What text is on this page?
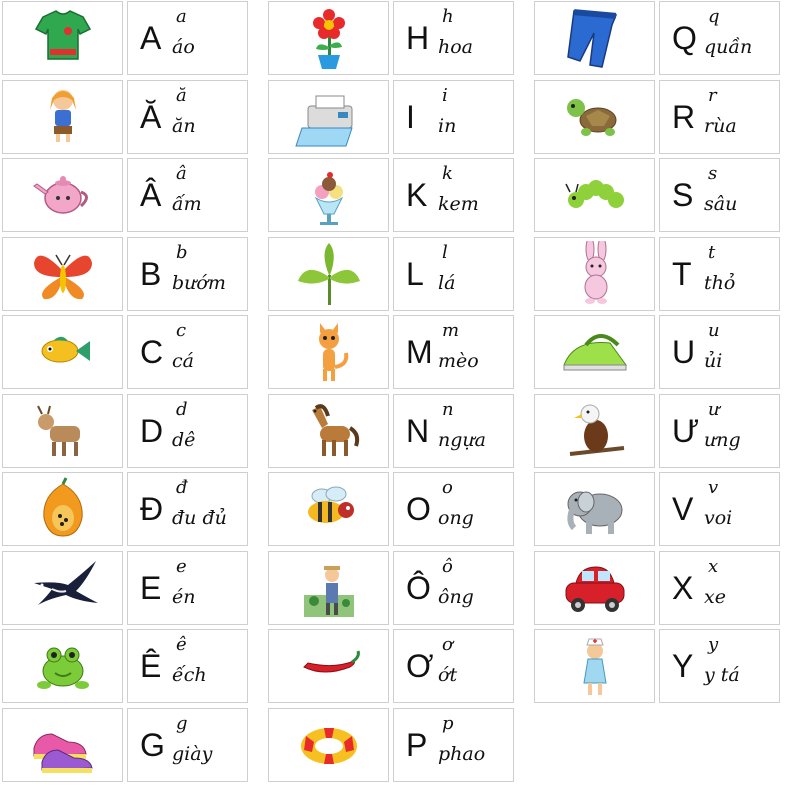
A
a
áo
Ă
ă
ăn
Â
â
ấm
B
b
bướm
C
c
cá
D
d
dê
Đ
đ
đu đủ
E
e
én
Ê
ê
ếch
G
g
giày
H
h
hoa
I
i
in
K
k
kem
L
l
lá
M
m
mèo
N
n
ngựa
O
o
ong
Ô
ô
ông
Ơ
ơ
ớt
P
p
phao
Q
q
quần
R
r
rùa
S
s
sâu
T
t
thỏ
U
u
ủi
Ư
ư
ưng
V
v
voi
X
x
xe
Y
y
y tá
